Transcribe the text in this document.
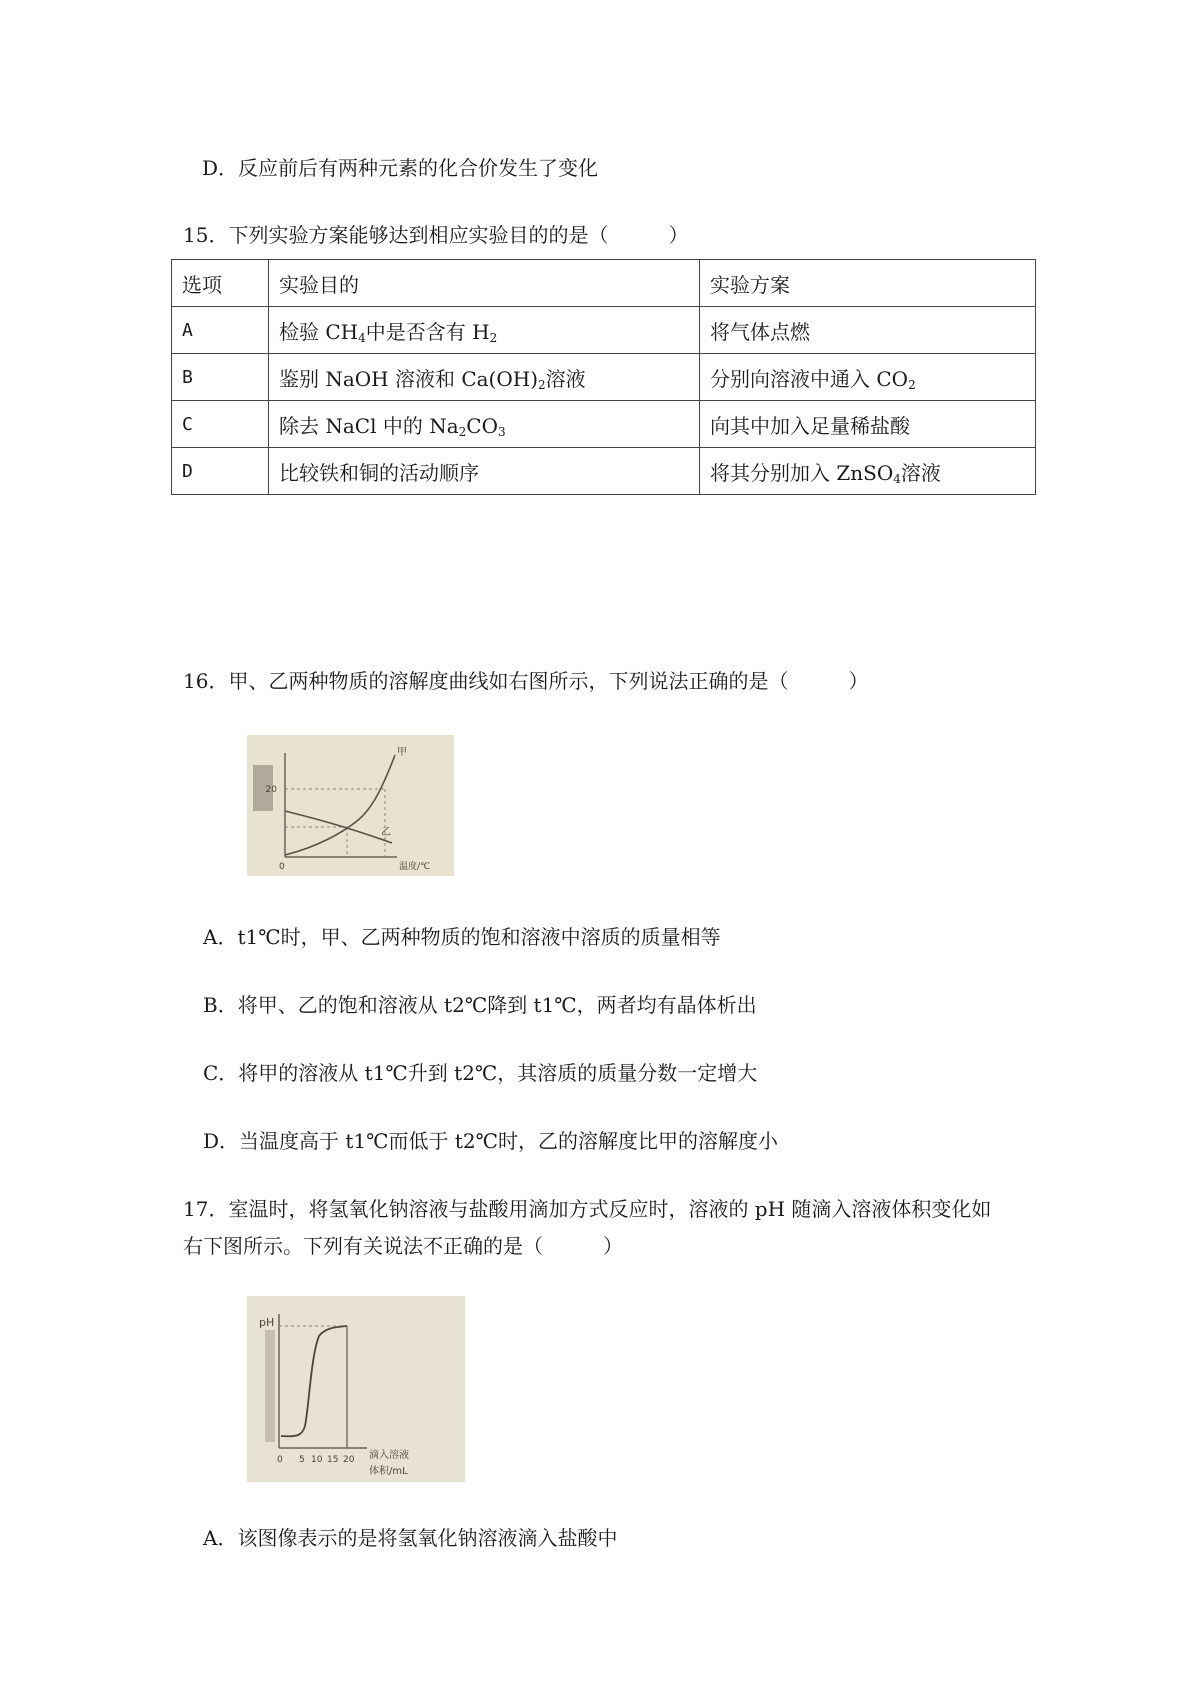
D．反应前后有两种元素的化合价发生了变化
15．下列实验方案能够达到相应实验目的的是（　　　）
选项	实验目的	实验方案
A	检验 $CH_4$中是否含有 $H_2$	将气体点燃
B	鉴别 NaOH 溶液和 $Ca(OH)_2$溶液	分别向溶液中通入 $CO_2$
C	除去 NaCl 中的 $Na_2CO_3$	向其中加入足量稀盐酸
D	比较铁和铜的活动顺序	将其分别加入 ZnSO$_4$溶液
16．甲、乙两种物质的溶解度曲线如右图所示，下列说法正确的是（　　　）
20
甲
乙
0	温度/℃
A．t1℃时，甲、乙两种物质的饱和溶液中溶质的质量相等
B．将甲、乙的饱和溶液从 t2℃降到 t1℃，两者均有晶体析出
C．将甲的溶液从 t1℃升到 t2℃，其溶质的质量分数一定增大
D．当温度高于 t1℃而低于 t2℃时，乙的溶解度比甲的溶解度小
17．室温时，将氢氧化钠溶液与盐酸用滴加方式反应时，溶液的 pH 随滴入溶液体积变化如
右下图所示。下列有关说法不正确的是（　　　）
pH
0 5 10 15 20 滴入溶液
体积/mL
A．该图像表示的是将氢氧化钠溶液滴入盐酸中
